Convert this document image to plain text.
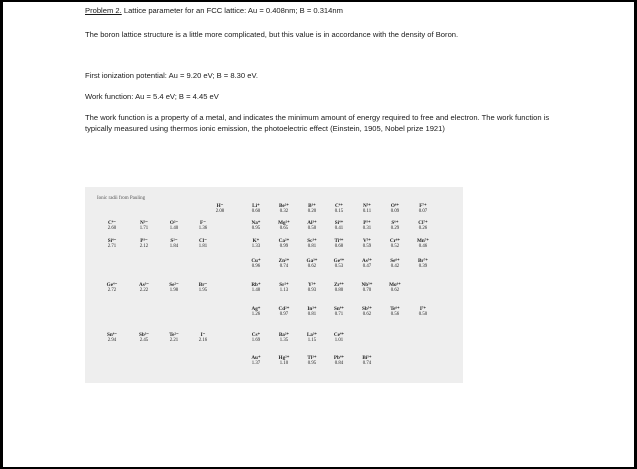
Problem 2. Lattice parameter for an FCC lattice: Au = 0.408nm; B = 0.314nm

The boron lattice structure is a little more complicated, but this value is in accordance with the density of Boron.

First ionization potential: Au = 9.20 eV; B = 8.30 eV.

Work function: Au = 5.4 eV; B = 4.45 eV

The work function is a property of a metal, and indicates the minimum amount of energy required to free and electron. The work function is typically measured using thermos ionic emission, the photoelectric effect (Einstein, 1905, Nobel prize 1921)

Ionic radii from Pauling
H⁻
2.08
Li⁺
0.60
Be²⁺
0.32
B³⁺
0.20
C⁴⁺
0.15
N⁵⁺
0.11
O⁶⁺
0.09
F⁷⁺
0.07
C⁴⁻
2.60
N³⁻
1.71
O²⁻
1.40
F⁻
1.36
Na⁺
0.95
Mg²⁺
0.65
Al³⁺
0.50
Si⁴⁺
0.41
P⁵⁺
0.31
S⁶⁺
0.29
Cl⁷⁺
0.26
Si⁴⁻
2.71
P³⁻
2.12
S²⁻
1.84
Cl⁻
1.81
K⁺
1.33
Ca²⁺
0.99
Sc³⁺
0.81
Ti⁴⁺
0.68
V⁵⁺
0.59
Cr⁶⁺
0.52
Mn⁷⁺
0.46
Cu⁺
0.96
Zn²⁺
0.74
Ga³⁺
0.62
Ge⁴⁺
0.53
As⁵⁺
0.47
Se⁶⁺
0.42
Br⁷⁺
0.39
Ge⁴⁻
2.72
As³⁻
2.22
Se²⁻
1.98
Br⁻
1.95
Rb⁺
1.48
Sr²⁺
1.13
Y³⁺
0.93
Zr⁴⁺
0.80
Nb⁵⁺
0.70
Mo⁶⁺
0.62
Ag⁺
1.26
Cd²⁺
0.97
In³⁺
0.81
Sn⁴⁺
0.71
Sb⁵⁺
0.62
Te⁶⁺
0.56
I⁷⁺
0.50
Sn⁴⁻
2.94
Sb³⁻
2.45
Te²⁻
2.21
I⁻
2.16
Cs⁺
1.69
Ba²⁺
1.35
La³⁺
1.15
Ce⁴⁺
1.01
Au⁺
1.37
Hg²⁺
1.10
Tl³⁺
0.95
Pb⁴⁺
0.84
Bi⁵⁺
0.74
